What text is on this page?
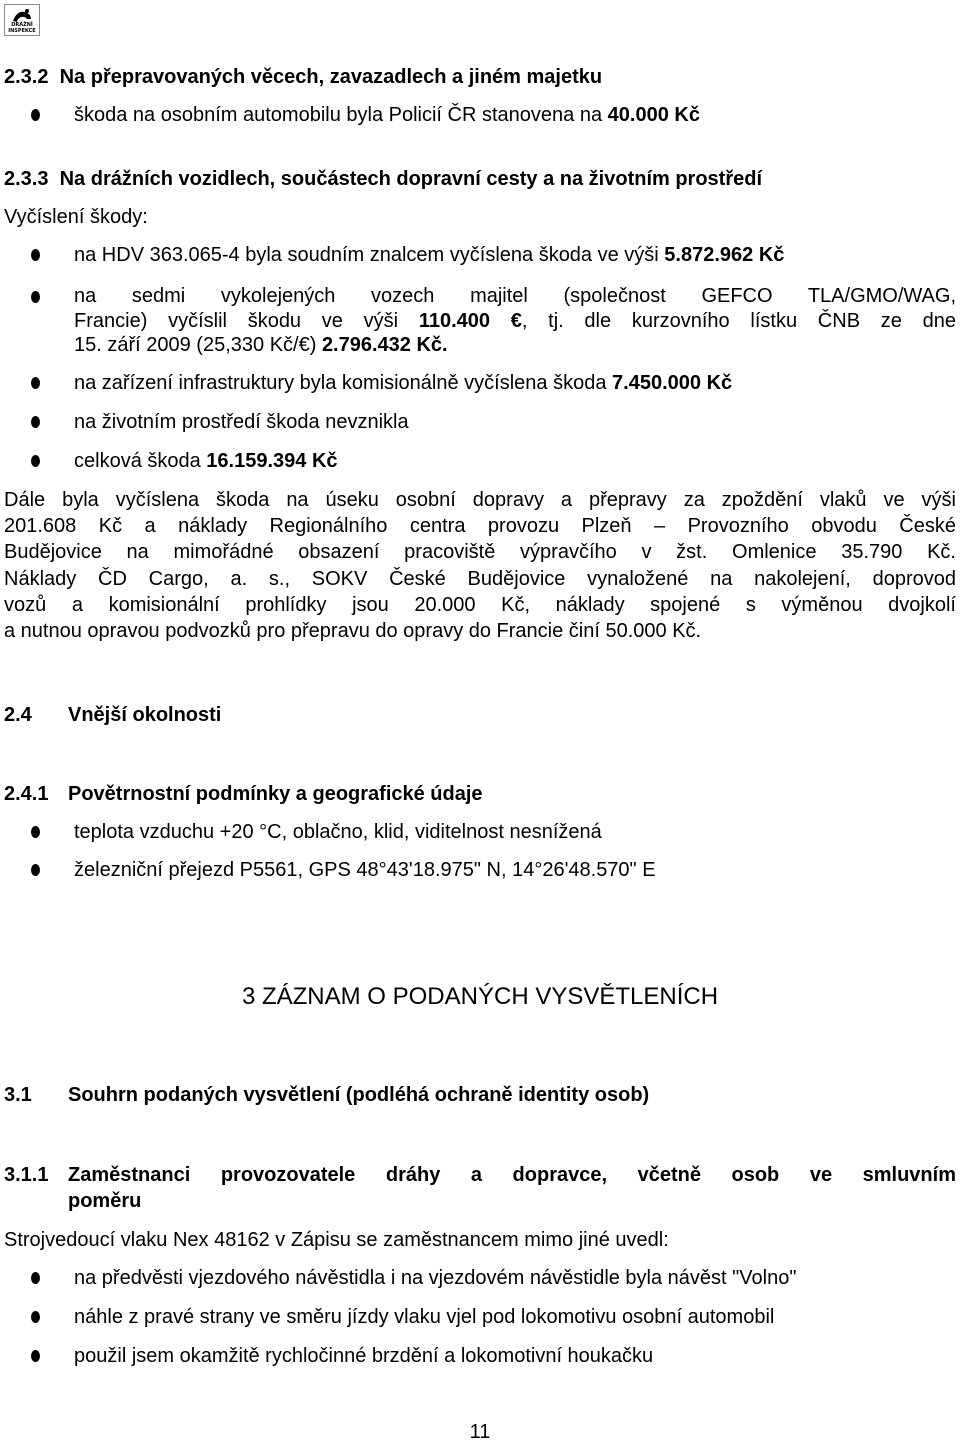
DRÁŽNÍ INSPEKCE
2.3.2 Na přepravovaných věcech, zavazadlech a jiném majetku
škoda na osobním automobilu byla Policií ČR stanovena na 40.000 Kč
2.3.3 Na drážních vozidlech, součástech dopravní cesty a na životním prostředí
Vyčíslení škody:
na HDV 363.065-4 byla soudním znalcem vyčíslena škoda ve výši 5.872.962 Kč
na sedmi vykolejených vozech majitel (společnost GEFCO TLA/GMO/WAG,
Francie) vyčíslil škodu ve výši 110.400 €, tj. dle kurzovního lístku ČNB ze dne
15. září 2009 (25,330 Kč/€) 2.796.432 Kč.
na zařízení infrastruktury byla komisionálně vyčíslena škoda 7.450.000 Kč
na životním prostředí škoda nevznikla
celková škoda 16.159.394 Kč
Dále byla vyčíslena škoda na úseku osobní dopravy a přepravy za zpoždění vlaků ve výši
201.608 Kč a náklady Regionálního centra provozu Plzeň – Provozního obvodu České
Budějovice na mimořádné obsazení pracoviště výpravčího v žst. Omlenice 35.790 Kč.
Náklady ČD Cargo, a. s., SOKV České Budějovice vynaložené na nakolejení, doprovod
vozů a komisionální prohlídky jsou 20.000 Kč, náklady spojené s výměnou dvojkolí
a nutnou opravou podvozků pro přepravu do opravy do Francie činí 50.000 Kč.
2.4 Vnější okolnosti
2.4.1 Povětrnostní podmínky a geografické údaje
teplota vzduchu +20 °C, oblačno, klid, viditelnost nesnížená
železniční přejezd P5561, GPS 48°43'18.975" N, 14°26'48.570" E
3 ZÁZNAM O PODANÝCH VYSVĚTLENÍCH
3.1 Souhrn podaných vysvětlení (podléhá ochraně identity osob)
3.1.1 Zaměstnanci provozovatele dráhy a dopravce, včetně osob ve smluvním
poměru
Strojvedoucí vlaku Nex 48162 v Zápisu se zaměstnancem mimo jiné uvedl:
na předvěsti vjezdového návěstidla i na vjezdovém návěstidle byla návěst "Volno"
náhle z pravé strany ve směru jízdy vlaku vjel pod lokomotivu osobní automobil
použil jsem okamžitě rychločinné brzdění a lokomotivní houkačku
11
